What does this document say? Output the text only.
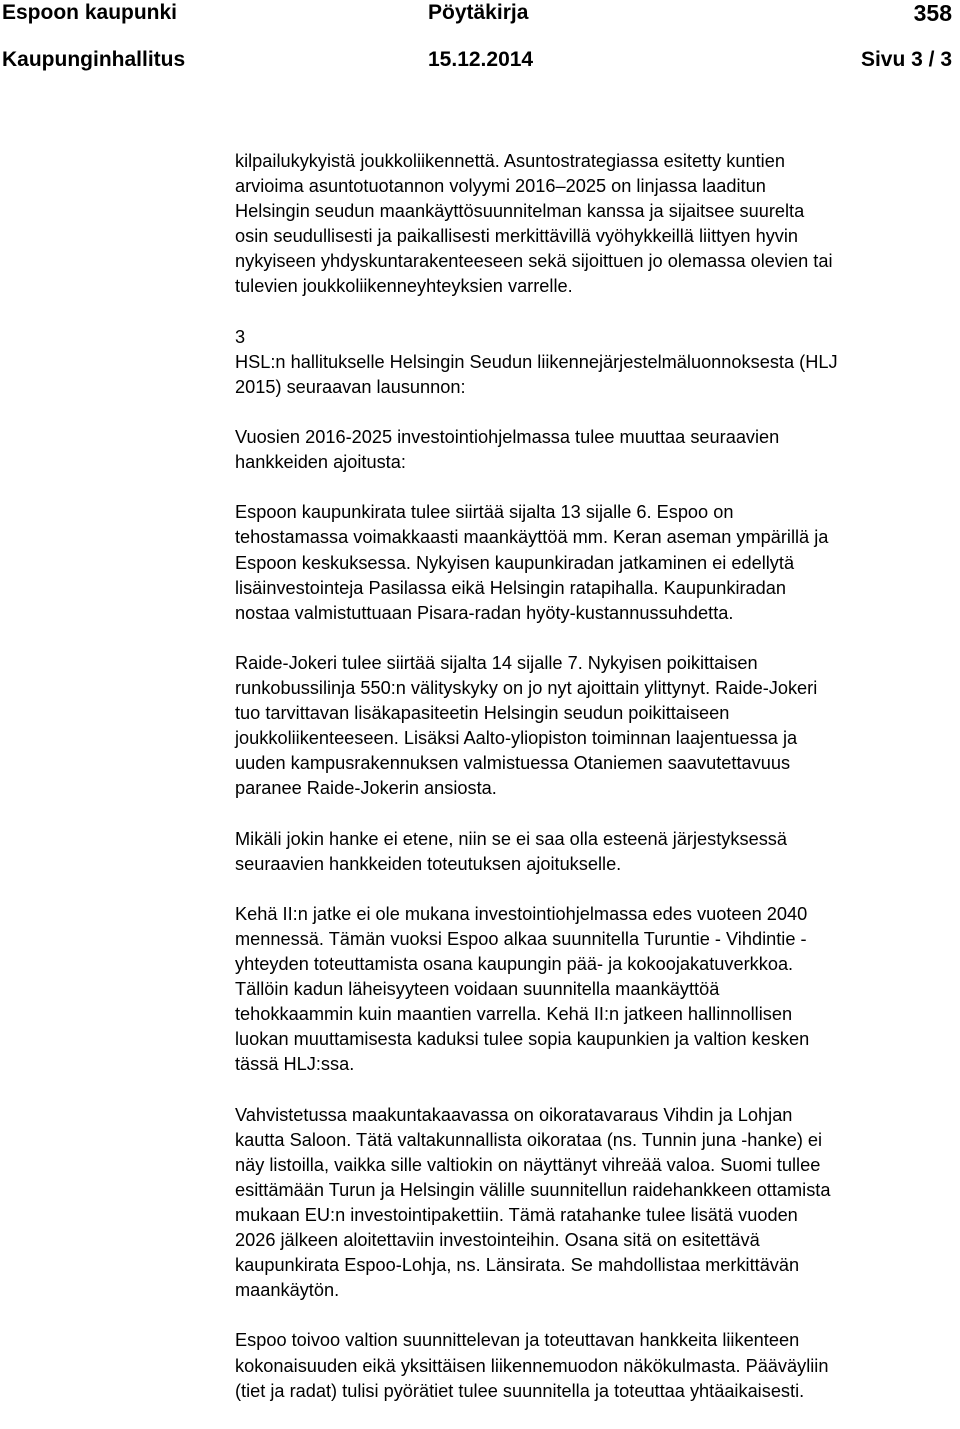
Espoon kaupunki	Pöytäkirja	358
Kaupunginhallitus	15.12.2014	Sivu 3 / 3

kilpailukykyistä joukkoliikennettä. Asuntostrategiassa esitetty kuntien
arvioima asuntotuotannon volyymi 2016–2025 on linjassa laaditun
Helsingin seudun maankäyttösuunnitelman kanssa ja sijaitsee suurelta
osin seudullisesti ja paikallisesti merkittävillä vyöhykkeillä liittyen hyvin
nykyiseen yhdyskuntarakenteeseen sekä sijoittuen jo olemassa olevien tai
tulevien joukkoliikenneyhteyksien varrelle.

3

HSL:n hallitukselle Helsingin Seudun liikennejärjestelmäluonnoksesta (HLJ
2015) seuraavan lausunnon:

Vuosien 2016-2025 investointiohjelmassa tulee muuttaa seuraavien
hankkeiden ajoitusta:

Espoon kaupunkirata tulee siirtää sijalta 13 sijalle 6. Espoo on
tehostamassa voimakkaasti maankäyttöä mm. Keran aseman ympärillä ja
Espoon keskuksessa. Nykyisen kaupunkiradan jatkaminen ei edellytä
lisäinvestointeja Pasilassa eikä Helsingin ratapihalla. Kaupunkiradan
nostaa valmistuttuaan Pisara-radan hyöty-kustannussuhdetta.

Raide-Jokeri tulee siirtää sijalta 14 sijalle 7. Nykyisen poikittaisen
runkobussilinja 550:n välityskyky on jo nyt ajoittain ylittynyt. Raide-Jokeri
tuo tarvittavan lisäkapasiteetin Helsingin seudun poikittaiseen
joukkoliikenteeseen. Lisäksi Aalto-yliopiston toiminnan laajentuessa ja
uuden kampusrakennuksen valmistuessa Otaniemen saavutettavuus
paranee Raide-Jokerin ansiosta.

Mikäli jokin hanke ei etene, niin se ei saa olla esteenä järjestyksessä
seuraavien hankkeiden toteutuksen ajoitukselle.

Kehä II:n jatke ei ole mukana investointiohjelmassa edes vuoteen 2040
mennessä. Tämän vuoksi Espoo alkaa suunnitella Turuntie - Vihdintie -
yhteyden toteuttamista osana kaupungin pää- ja kokoojakatuverkkoa.
Tällöin kadun läheisyyteen voidaan suunnitella maankäyttöä
tehokkaammin kuin maantien varrella. Kehä II:n jatkeen hallinnollisen
luokan muuttamisesta kaduksi tulee sopia kaupunkien ja valtion kesken
tässä HLJ:ssa.

Vahvistetussa maakuntakaavassa on oikoratavaraus Vihdin ja Lohjan
kautta Saloon. Tätä valtakunnallista oikorataa (ns. Tunnin juna -hanke) ei
näy listoilla, vaikka sille valtiokin on näyttänyt vihreää valoa. Suomi tullee
esittämään Turun ja Helsingin välille suunnitellun raidehankkeen ottamista
mukaan EU:n investointipakettiin. Tämä ratahanke tulee lisätä vuoden
2026 jälkeen aloitettaviin investointeihin. Osana sitä on esitettävä
kaupunkirata Espoo-Lohja, ns. Länsirata. Se mahdollistaa merkittävän
maankäytön.

Espoo toivoo valtion suunnittelevan ja toteuttavan hankkeita liikenteen
kokonaisuuden eikä yksittäisen liikennemuodon näkökulmasta. Pääväyliin
(tiet ja radat) tulisi pyörätiet tulee suunnitella ja toteuttaa yhtäaikaisesti.
